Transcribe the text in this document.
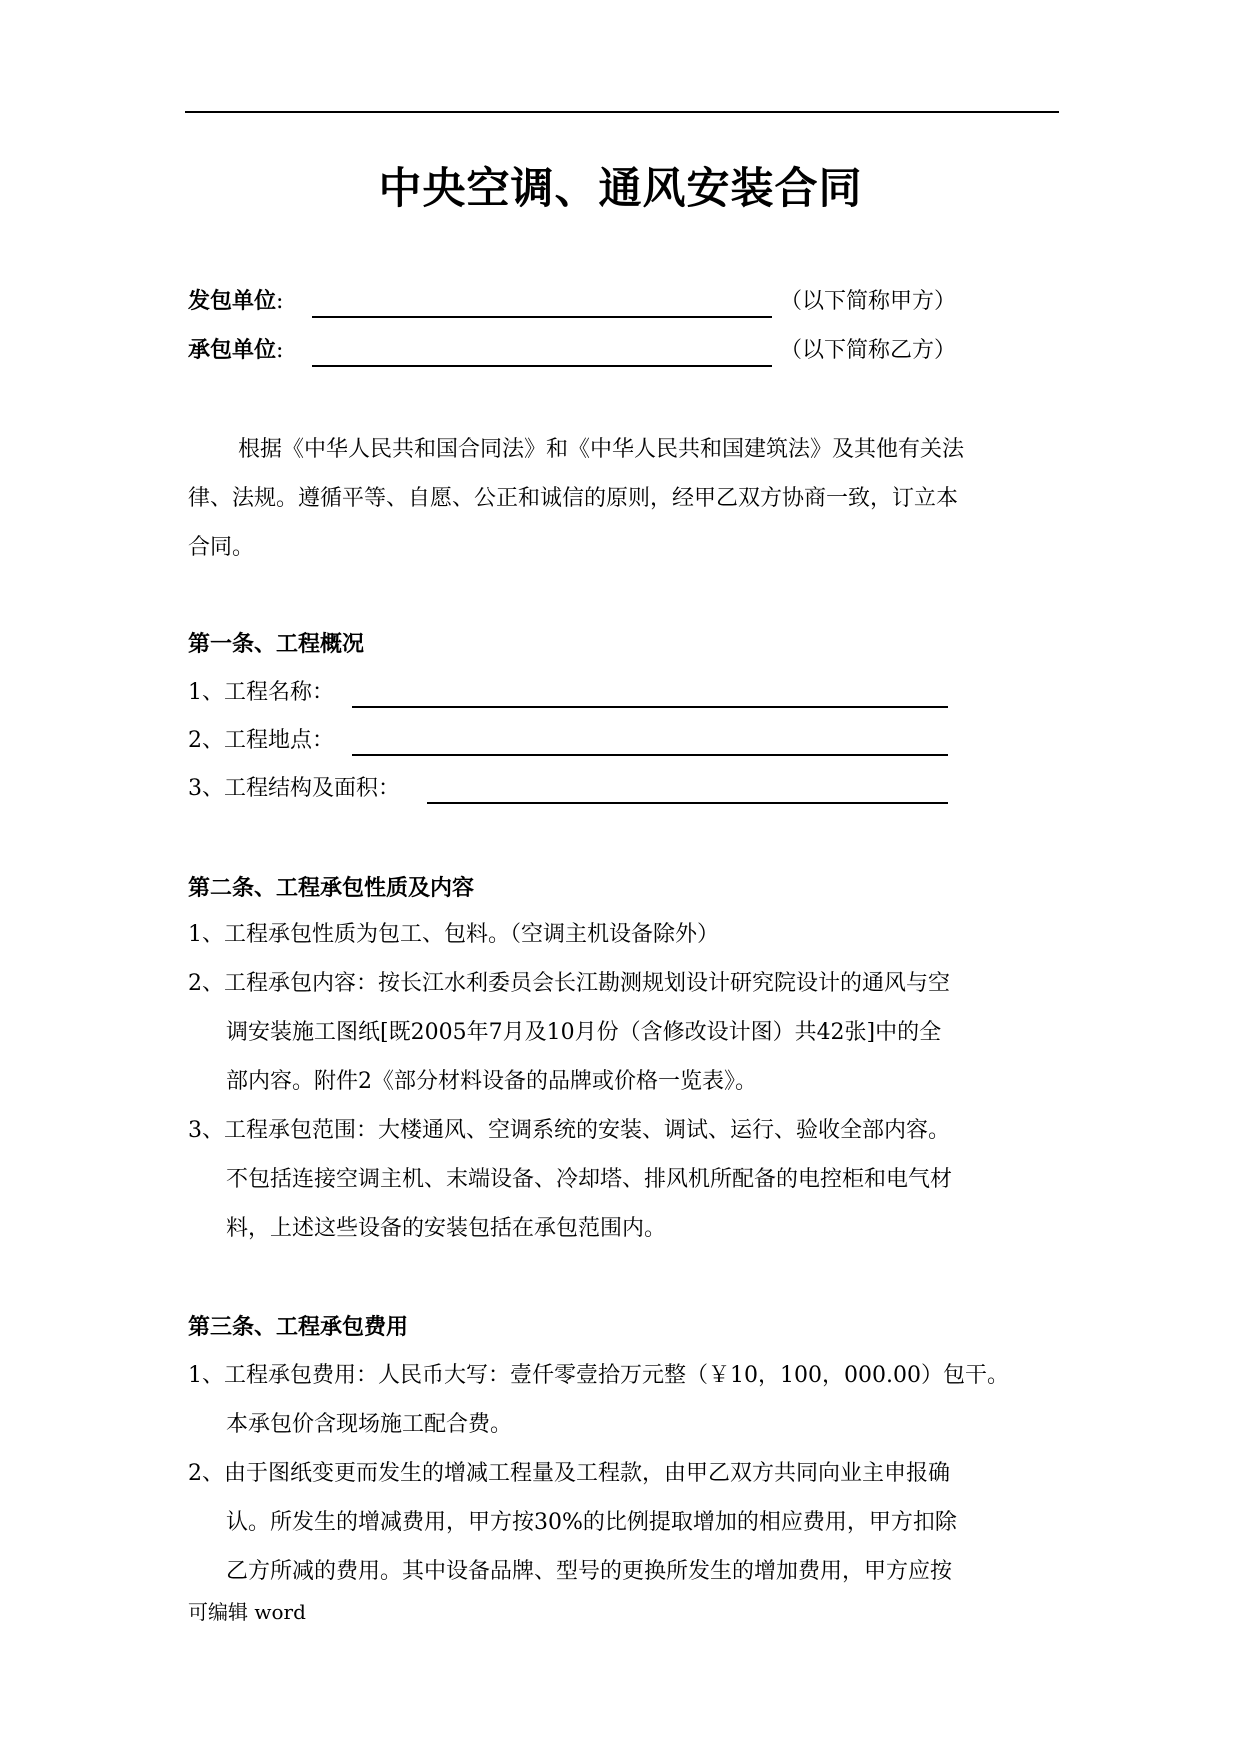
中央空调、通风安装合同
发包单位:	（以下简称甲方）
承包单位:	（以下简称乙方）
根据《中华人民共和国合同法》和《中华人民共和国建筑法》及其他有关法
律、法规。遵循平等、自愿、公正和诚信的原则，经甲乙双方协商一致，订立本
合同。
第一条、工程概况
1、工程名称：
2、工程地点：
3、工程结构及面积：
第二条、工程承包性质及内容
1、工程承包性质为包工、包料。（空调主机设备除外）
2、工程承包内容：按长江水利委员会长江勘测规划设计研究院设计的通风与空
调安装施工图纸[既2005年7月及10月份（含修改设计图）共42张]中的全
部内容。附件2《部分材料设备的品牌或价格一览表》。
3、工程承包范围：大楼通风、空调系统的安装、调试、运行、验收全部内容。
不包括连接空调主机、末端设备、冷却塔、排风机所配备的电控柜和电气材
料，上述这些设备的安装包括在承包范围内。
第三条、工程承包费用
1、工程承包费用：人民币大写：壹仟零壹拾万元整（￥10，100，000.00）包干。
本承包价含现场施工配合费。
2、由于图纸变更而发生的增减工程量及工程款，由甲乙双方共同向业主申报确
认。所发生的增减费用，甲方按30%的比例提取增加的相应费用，甲方扣除
乙方所减的费用。其中设备品牌、型号的更换所发生的增加费用，甲方应按
可编辑 word
